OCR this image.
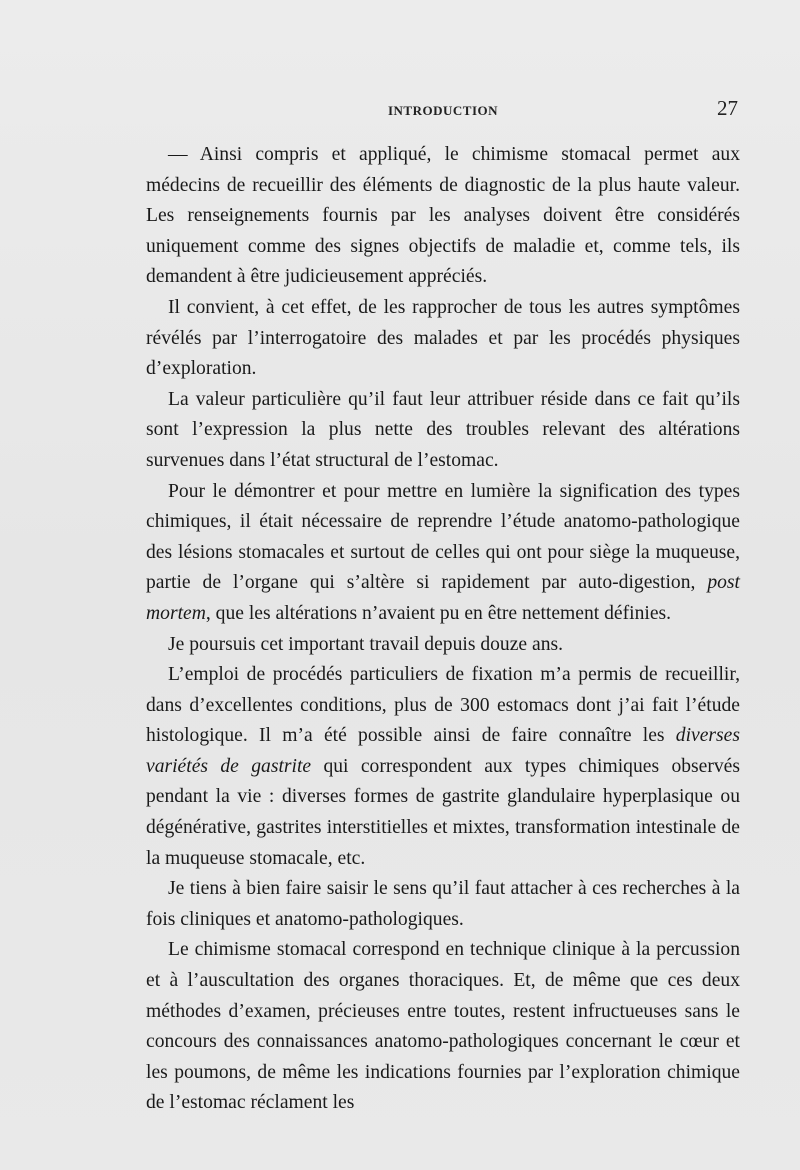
INTRODUCTION	27

— Ainsi compris et appliqué, le chimisme stomacal permet aux médecins de recueillir des éléments de diagnostic de la plus haute valeur. Les renseignements fournis par les analyses doivent être considérés uniquement comme des signes objectifs de maladie et, comme tels, ils demandent à être judicieusement appréciés.

Il convient, à cet effet, de les rapprocher de tous les autres symptômes révélés par l’interrogatoire des malades et par les procédés physiques d’exploration.

La valeur particulière qu’il faut leur attribuer réside dans ce fait qu’ils sont l’expression la plus nette des troubles relevant des altérations survenues dans l’état structural de l’estomac.

Pour le démontrer et pour mettre en lumière la signification des types chimiques, il était nécessaire de reprendre l’étude anatomo-pathologique des lésions stomacales et surtout de celles qui ont pour siège la muqueuse, partie de l’organe qui s’altère si rapidement par auto-digestion, post mortem, que les altérations n’avaient pu en être nettement définies.

Je poursuis cet important travail depuis douze ans.

L’emploi de procédés particuliers de fixation m’a permis de recueillir, dans d’excellentes conditions, plus de 300 estomacs dont j’ai fait l’étude histologique. Il m’a été possible ainsi de faire connaître les diverses variétés de gastrite qui correspondent aux types chimiques observés pendant la vie : diverses formes de gastrite glandulaire hyperplasique ou dégénérative, gastrites interstitielles et mixtes, transformation intestinale de la muqueuse stomacale, etc.

Je tiens à bien faire saisir le sens qu’il faut attacher à ces recherches à la fois cliniques et anatomo-pathologiques.

Le chimisme stomacal correspond en technique clinique à la percussion et à l’auscultation des organes thoraciques. Et, de même que ces deux méthodes d’examen, précieuses entre toutes, restent infructueuses sans le concours des connaissances anatomo-pathologiques concernant le cœur et les poumons, de même les indications fournies par l’exploration chimique de l’estomac réclament les
